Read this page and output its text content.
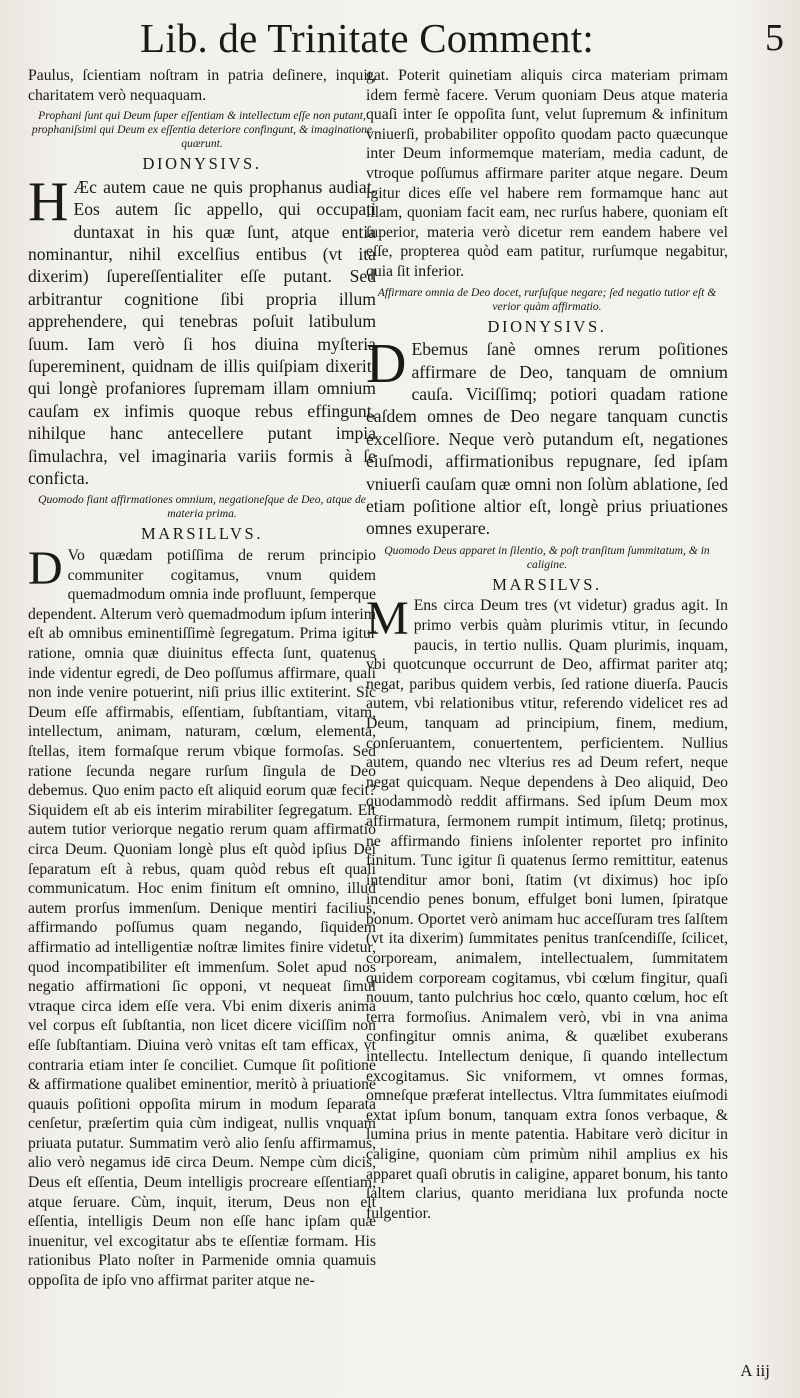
Lib. de Trinitate Comment:	5

Paulus, ſcientiam noſtram in patria deſinere, inquit, charitatem verò nequaquam.

Prophani ſunt qui Deum ſuper eſſentiam & intellectum eſſe non putant, prophaniſsimi qui Deum ex eſſentia deteriore confingunt, & imaginatione quærunt.
DIONYSIVS.

H Æc autem caue ne quis prophanus audiat. Eos autem ſic appello, qui occupati duntaxat in his quæ ſunt, atque entia nominantur, nihil excelſius entibus (vt ita dixerim) ſupereſſentialiter eſſe putant. Sed arbitrantur cognitione ſibi propria illum apprehendere, qui tenebras poſuit latibulum ſuum. Iam verò ſi hos diuina myſteria ſupereminent, quidnam de illis quiſpiam dixerit, qui longè profaniores ſupremam illam omnium cauſam ex infimis quoque rebus effingunt, nihilque hanc antecellere putant impia ſimulachra, vel imaginaria variis formis à ſe conficta.

Quomodo fiant affirmationes omnium, negationeſque de Deo, atque de materia prima.
MARSILLVS.

D Vo quædam potiſſima de rerum principio communiter cogitamus, vnum quidem quemadmodum omnia inde profluunt, ſemperque dependent. Alterum verò quemadmodum ipſum interim eſt ab omnibus eminentiſſimè ſegregatum. Prima igitur ratione, omnia quæ diuinitus effecta ſunt, quatenus inde videntur egredi, de Deo poſſumus affirmare, quaſi non inde venire potuerint, niſi prius illic extiterint. Sic Deum eſſe affirmabis, eſſentiam, ſubſtantiam, vitam, intellectum, animam, naturam, cœlum, elementa, ſtellas, item formaſque rerum vbique formoſas. Sed ratione ſecunda negare rurſum ſingula de Deo debemus. Quo enim pacto eſt aliquid eorum quæ fecit? Siquidem eſt ab eis interim mirabiliter ſegregatum. Eſt autem tutior veriorque negatio rerum quam affirmatio circa Deum. Quoniam longè plus eſt quòd ipſius Dei ſeparatum eſt à rebus, quam quòd rebus eſt quaſi communicatum. Hoc enim finitum eſt omnino, illud autem prorſus immenſum. Denique mentiri facilius, affirmando poſſumus quam negando, ſiquidem affirmatio ad intelligentiæ noſtræ limites finire videtur, quod incompatibiliter eſt immenſum. Solet apud nos negatio affirmationi ſic opponi, vt nequeat ſimul vtraque circa idem eſſe vera. Vbi enim dixeris anima vel corpus eſt ſubſtantia, non licet dicere viciſſim non eſſe ſubſtantiam. Diuina verò vnitas eſt tam efficax, vt contraria etiam inter ſe conciliet. Cumque ſit poſitione & affirmatione qualibet eminentior, meritò à priuatione quauis poſitioni oppoſita mirum in modum ſeparata cenſetur, præſertim quia cùm indigeat, nullis vnquam priuata putatur. Summatim verò alio ſenſu affirmamus, alio verò negamus idē circa Deum. Nempe cùm dicis, Deus eſt eſſentia, Deum intelligis procreare eſſentiam, atque ſeruare. Cùm, inquit, iterum, Deus non eſt eſſentia, intelligis Deum non eſſe hanc ipſam quæ inuenitur, vel excogitatur abs te eſſentiæ formam. His rationibus Plato noſter in Parmenide omnia quamuis oppoſita de ipſo vno affirmat pariter atque ne-

gat. Poterit quinetiam aliquis circa materiam primam idem fermè facere. Verum quoniam Deus atque materia quaſi inter ſe oppoſita ſunt, velut ſupremum & infinitum vniuerſi, probabiliter oppoſito quodam pacto quæcunque inter Deum informemque materiam, media cadunt, de vtroque poſſumus affirmare pariter atque negare. Deum igitur dices eſſe vel habere rem formamque hanc aut illam, quoniam facit eam, nec rurſus habere, quoniam eſt ſuperior, materia verò dicetur rem eandem habere vel eſſe, propterea quòd eam patitur, rurſumque negabitur, quia ſit inferior.

Affirmare omnia de Deo docet, rurſuſque negare; ſed negatio tutior eſt & verior quàm affirmatio.
DIONYSIVS.

D Ebemus ſanè omnes rerum poſitiones affirmare de Deo, tanquam de omnium cauſa. Viciſſimq; potiori quadam ratione eaſdem omnes de Deo negare tanquam cunctis excelſiore. Neque verò putandum eſt, negationes eiuſmodi, affirmationibus repugnare, ſed ipſam vniuerſi cauſam quæ omni non ſolùm ablatione, ſed etiam poſitione altior eſt, longè prius priuationes omnes exuperare.

Quomodo Deus apparet in ſilentio, & poſt tranſitum ſummitatum, & in caligine.
MARSILVS.

M Ens circa Deum tres (vt videtur) gradus agit. In primo verbis quàm plurimis vtitur, in ſecundo paucis, in tertio nullis. Quam plurimis, inquam, vbi quotcunque occurrunt de Deo, affirmat pariter atq; negat, paribus quidem verbis, ſed ratione diuerſa. Paucis autem, vbi relationibus vtitur, referendo videlicet res ad Deum, tanquam ad principium, finem, medium, conſeruantem, conuertentem, perficientem. Nullius autem, quando nec vlterius res ad Deum refert, neque negat quicquam. Neque dependens à Deo aliquid, Deo quodammodò reddit affirmans. Sed ipſum Deum mox affirmatura, ſermonem rumpit intimum, ſiletq; protinus, ne affirmando finiens inſolenter reportet pro infinito finitum. Tunc igitur ſi quatenus ſermo remittitur, eatenus intenditur amor boni, ſtatim (vt diximus) hoc ipſo incendio penes bonum, effulget boni lumen, ſpiratque bonum. Oportet verò animam huc acceſſuram tres ſalſtem (vt ita dixerim) ſummitates penitus tranſcendiſſe, ſcilicet, corpoream, animalem, intellectualem, ſummitatem quidem corpoream cogitamus, vbi cœlum fingitur, quaſi nouum, tanto pulchrius hoc cœlo, quanto cœlum, hoc eſt terra formoſius. Animalem verò, vbi in vna anima confingitur omnis anima, & quælibet exuberans intellectu. Intellectum denique, ſi quando intellectum excogitamus. Sic vniformem, vt omnes formas, omneſque præferat intellectus. Vltra ſummitates eiuſmodi extat ipſum bonum, tanquam extra ſonos verbaque, & lumina prius in mente patentia. Habitare verò dicitur in caligine, quoniam cùm primùm nihil amplius ex his apparet quaſi obrutis in caligine, apparet bonum, his tanto ſaltem clarius, quanto meridiana lux profunda nocte fulgentior.

A iij
